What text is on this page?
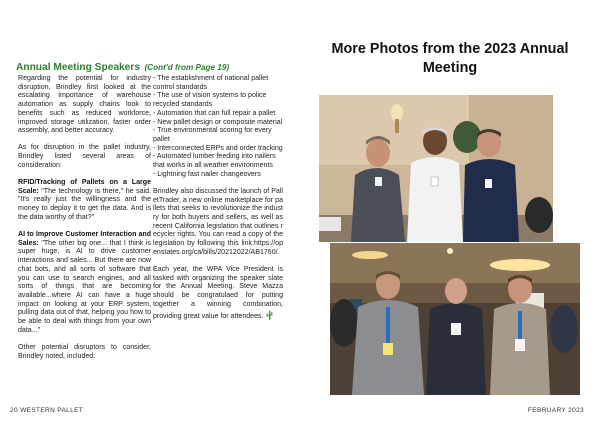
Annual Meeting Speakers (Cont'd from Page 19)

Regarding the potential for industry disruption, Brindley first looked at the escalating importance of warehouse automation as supply chains look to benefits such as reduced workforce, improved storage utilization, faster order assembly, and better accuracy.

As for disruption in the pallet industry, Brindley listed several areas of consideration:

RFID/Tracking of Pallets on a Large Scale: "The technology is there," he said. "It's really just the willingness and the money to deploy it to get the data. And is the data worthy of that?"

AI to Improve Customer Interaction and Sales: "The other big one... that I think is super huge, is AI to drive customer interactions and sales... But there are now chat bots, and all sorts of software that you can use to search engines, and all sorts of things that are becoming available...where AI can have a huge impact on looking at your ERP system, pulling data out of that, helping you how to be able to deal with things from your own data..."

Other potential disruptors to consider, Brindley noted, included:

- The establishment of national pallet control standards
- The use of vision systems to police recycled standards
- Automation that can full repair a pallet
- New pallet design or composite material
- True environmental scoring for every pallet
- Interconnected ERPs and order tracking
- Automated lumber feeding into nailers that works in all weather environments
- Lightning fast nailer changeovers

Brindley also discussed the launch of PalletTrader, a new online marketplace for pallets that seeks to revolutionize the industry for both buyers and sellers, as well as recent California legislation that outlines recycler rights. You can read a copy of the legislation by following this link:https://openstates.org/ca/bills/20212022/AB1760/.

Each year, the WPA Vice President is tasked with organizing the speaker slate for the Annual Meeting. Steve Mazza should be congratulaed for putting together a winning combination, providing great value for attendees.

More Photos from the 2023 Annual Meeting
20 WESTERN PALLET	FEBRUARY 2023
